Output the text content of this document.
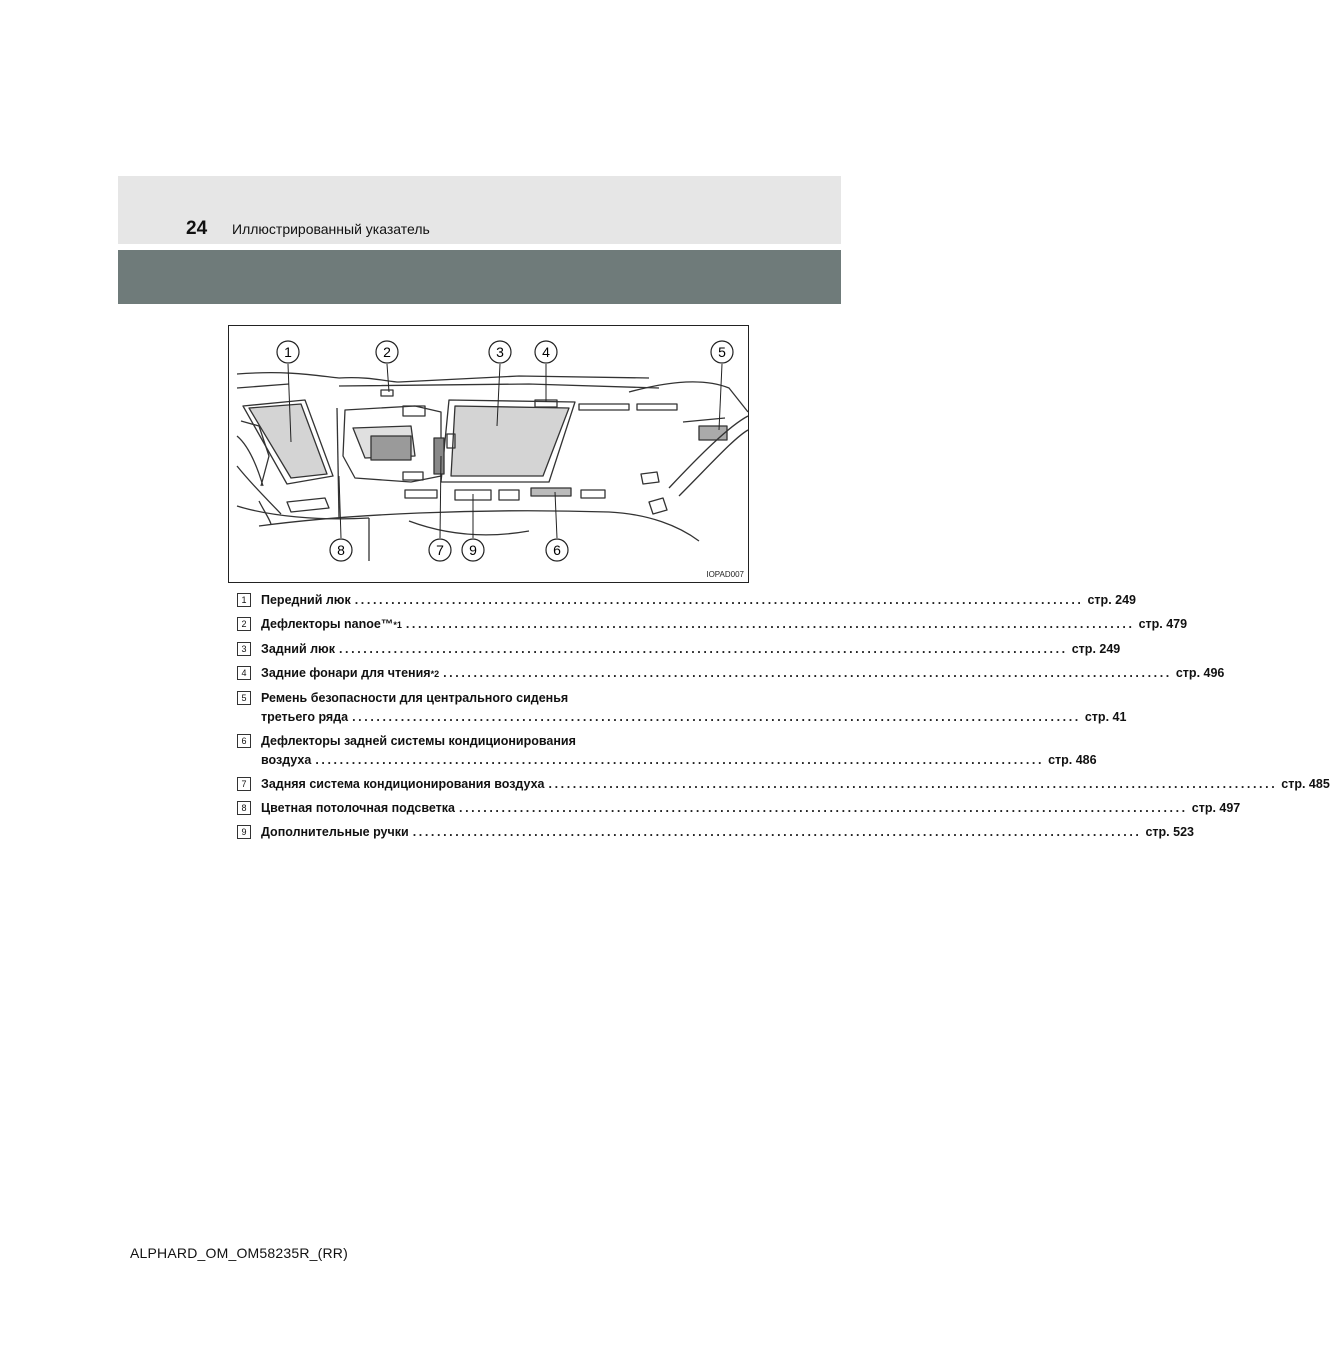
24 Иллюстрированный указатель
1	2	3	4	5
8	7 9	6
IOPAD007
1	Передний люк ........................................................................................................................ стр. 249
2	Дефлекторы nanoe™ *1 ........................................................................................................................ стр. 479
3	Задний люк ........................................................................................................................ стр. 249
4	Задние фонари для чтения *2 ........................................................................................................................ стр. 496
5	Ремень безопасности для центрального сиденья
третьего ряда ........................................................................................................................ стр. 41
6	Дефлекторы задней системы кондиционирования
воздуха ........................................................................................................................ стр. 486
7	Задняя система кондиционирования воздуха ........................................................................................................................ стр. 485
8	Цветная потолочная подсветка ........................................................................................................................ стр. 497
9	Дополнительные ручки ........................................................................................................................ стр. 523
ALPHARD_OM_OM58235R_(RR)
